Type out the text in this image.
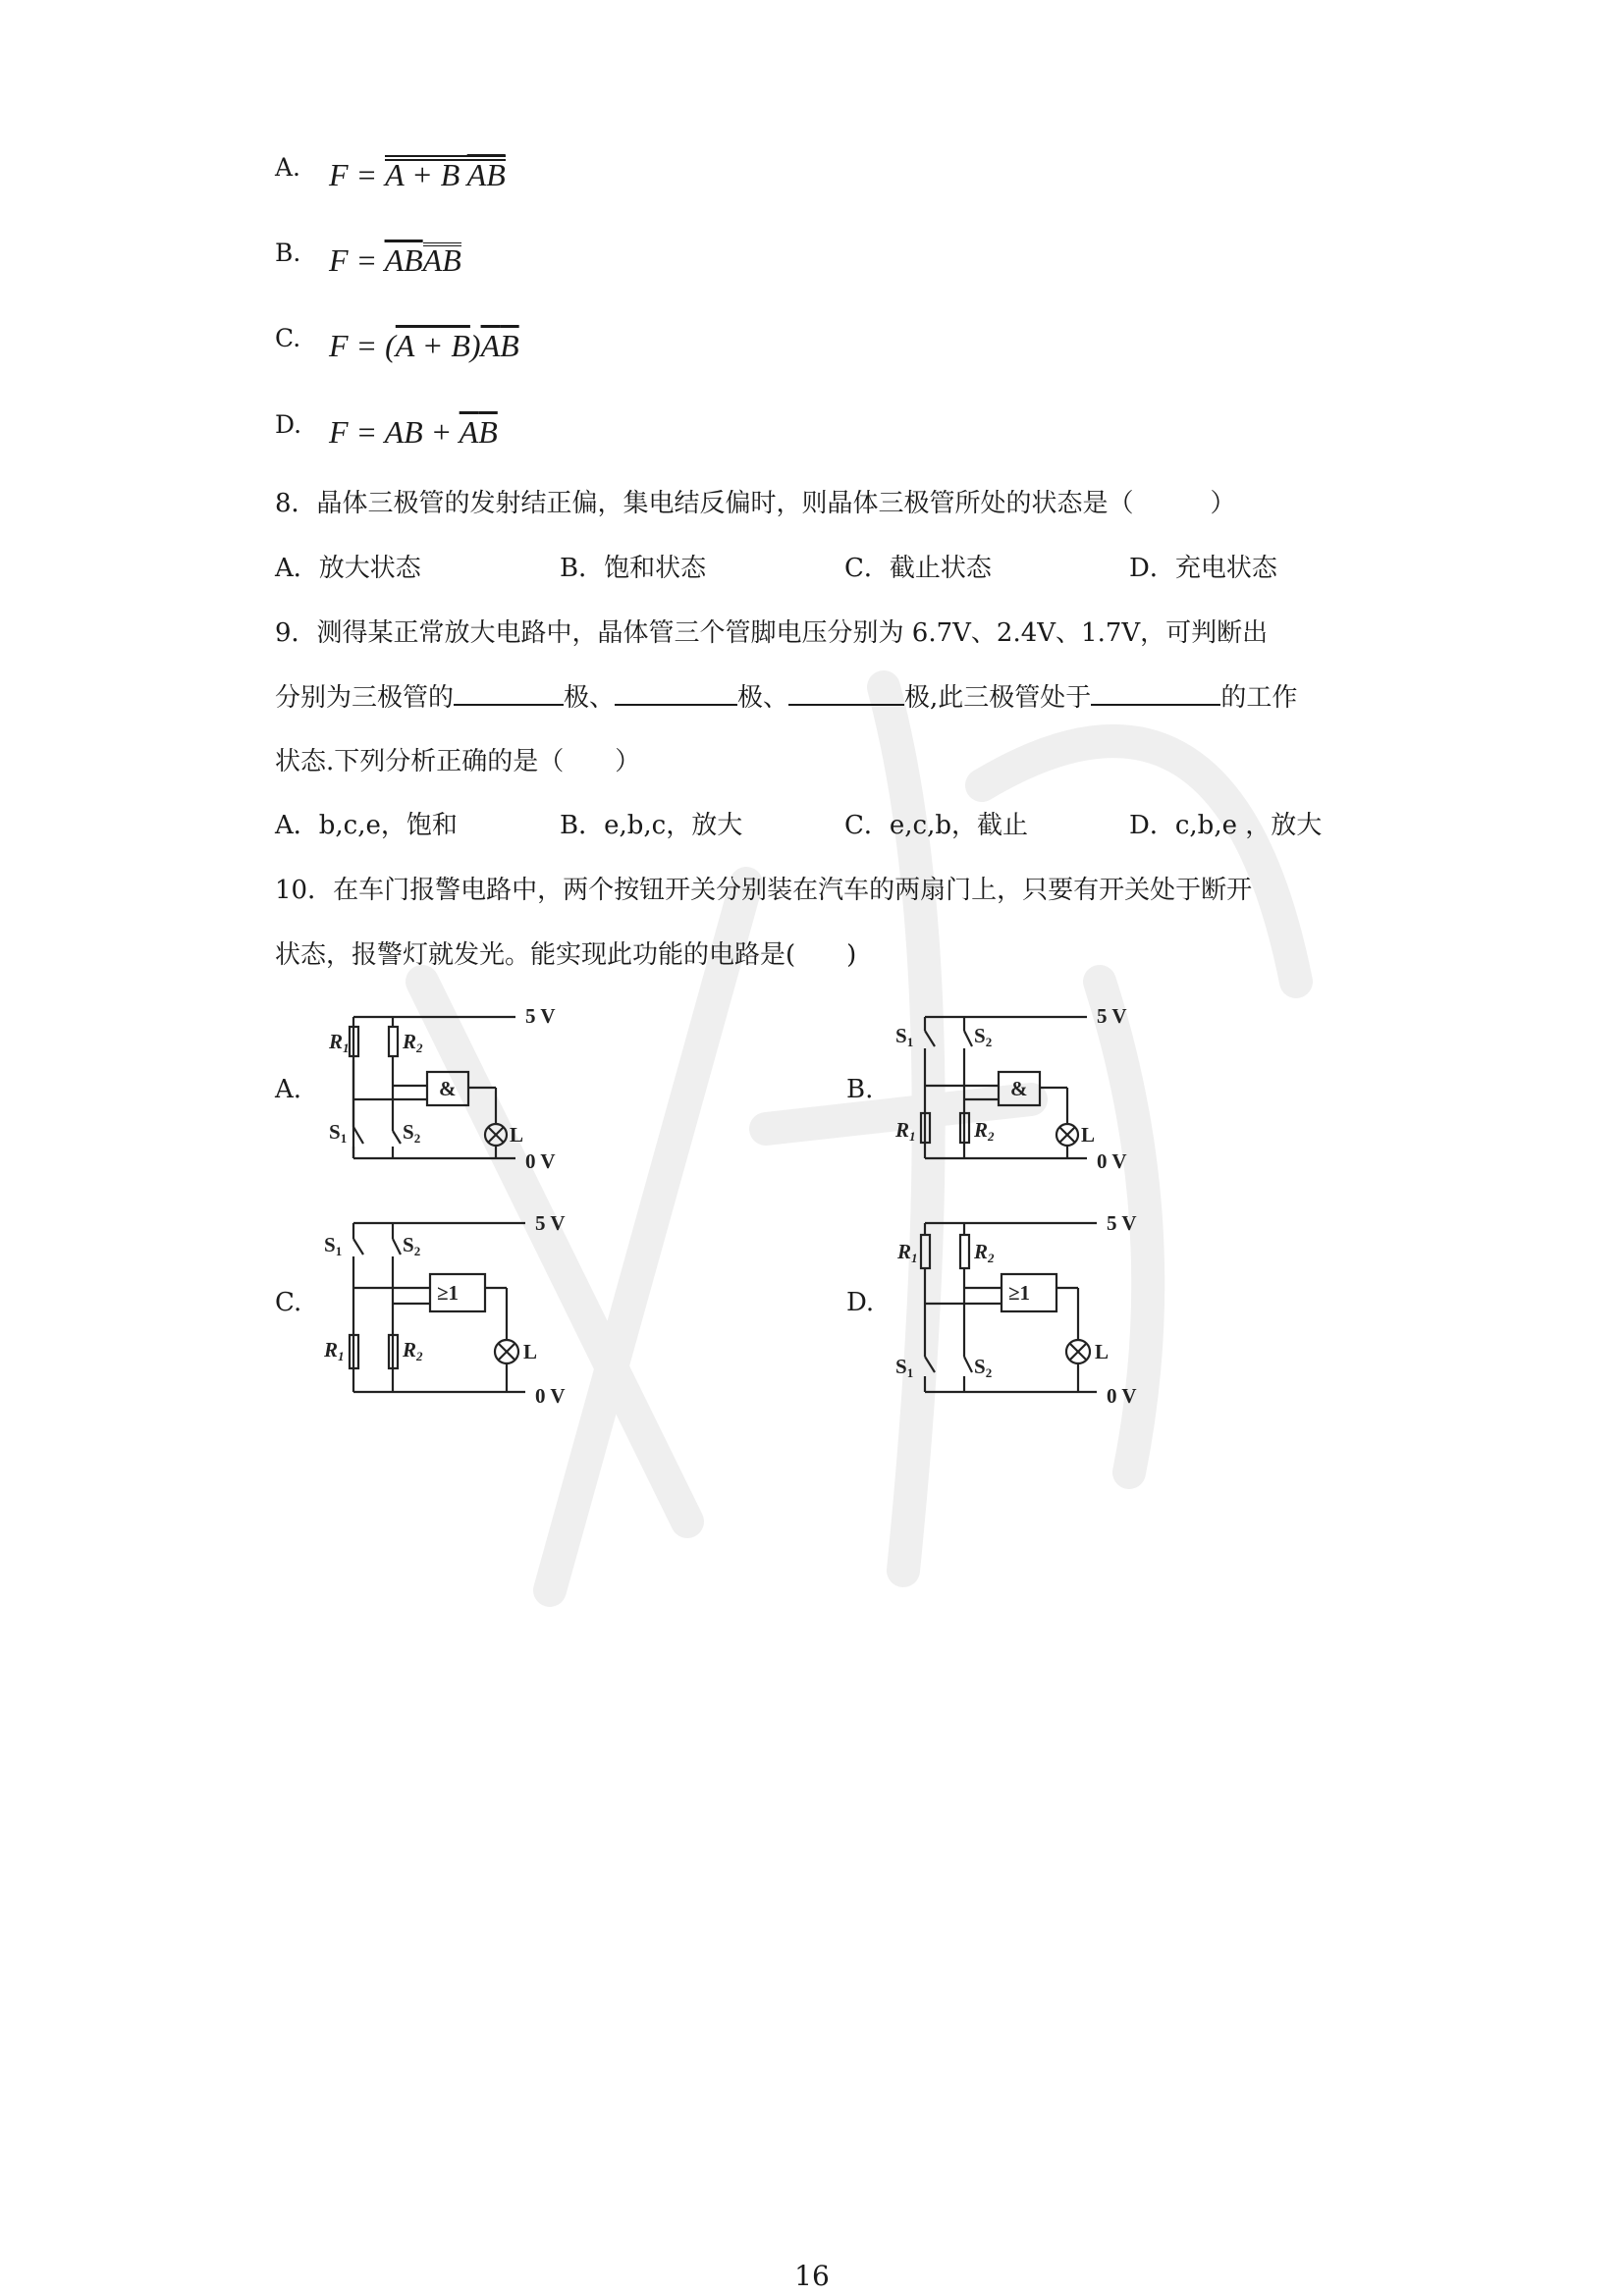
A. F = A + B $\overline{AB}$
B. $F = \overline{AB}AB$
C. $F = (A + B)\overline{A}\overline{B}$
D. F = AB + $\overline{A}\overline{B}$
8．晶体三极管的发射结正偏，集电结反偏时，则晶体三极管所处的状态是（　　　）
A．放大状态	B．饱和状态	C．截止状态	D．充电状态
9．测得某正常放大电路中，晶体管三个管脚电压分别为 6.7V、2.4V、1.7V，可判断出
分别为三极管的	极、	极、	极,此三极管处于	的工作
状态.下列分析正确的是（　　）
A．b,c,e，饱和	B．e,b,c，放大	C．e,c,b，截止	D．c,b,e ，放大
10．在车门报警电路中，两个按钮开关分别装在汽车的两扇门上，只要有开关处于断开
状态，报警灯就发光。能实现此功能的电路是(　　)
A.	B.
C.	D.
5 V
0 V
&
L
R1	R2
S1	S2
5 V
0 V
&
L
S1	S2
R1	R2
5 V
0 V
≥1
L
S1	S2
R1	R2
5 V
0 V
≥1
L
R1	R2
S1	S2
16
